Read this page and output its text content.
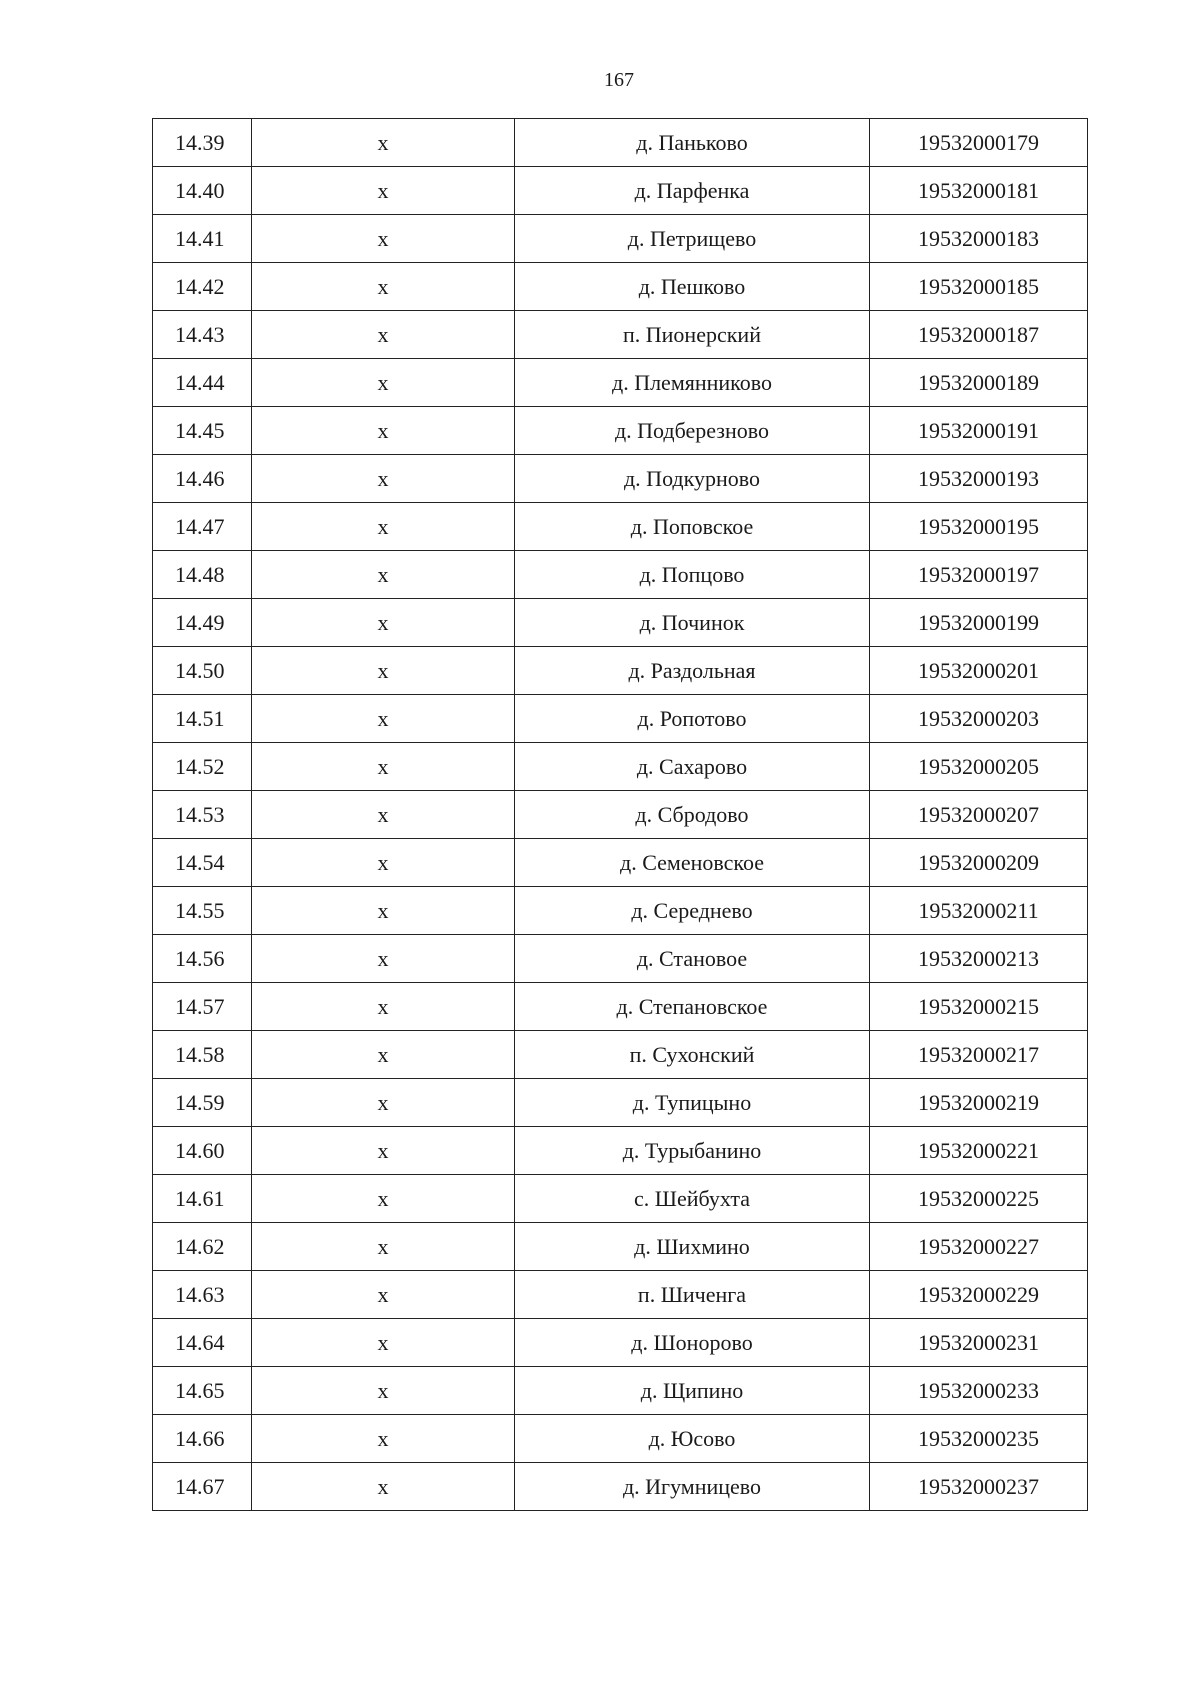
167
14.39	х	д. Паньково	19532000179
14.40	х	д. Парфенка	19532000181
14.41	х	д. Петрищево	19532000183
14.42	х	д. Пешково	19532000185
14.43	х	п. Пионерский	19532000187
14.44	х	д. Племянниково	19532000189
14.45	х	д. Подберезново	19532000191
14.46	х	д. Подкурново	19532000193
14.47	х	д. Поповское	19532000195
14.48	х	д. Попцово	19532000197
14.49	х	д. Починок	19532000199
14.50	х	д. Раздольная	19532000201
14.51	х	д. Ропотово	19532000203
14.52	х	д. Сахарово	19532000205
14.53	х	д. Сбродово	19532000207
14.54	х	д. Семеновское	19532000209
14.55	х	д. Середнево	19532000211
14.56	х	д. Становое	19532000213
14.57	х	д. Степановское	19532000215
14.58	х	п. Сухонский	19532000217
14.59	х	д. Тупицыно	19532000219
14.60	х	д. Турыбанино	19532000221
14.61	х	с. Шейбухта	19532000225
14.62	х	д. Шихмино	19532000227
14.63	х	п. Шиченга	19532000229
14.64	х	д. Шонорово	19532000231
14.65	х	д. Щипино	19532000233
14.66	х	д. Юсово	19532000235
14.67	х	д. Игумницево	19532000237
